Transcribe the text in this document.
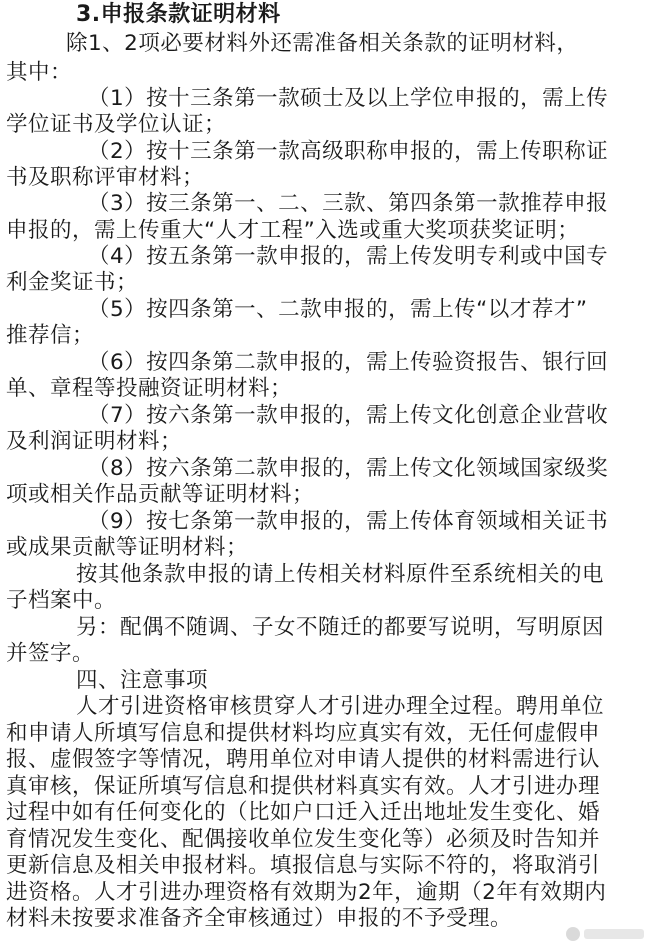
3.申报条款证明材料
除1、2项必要材料外还需准备相关条款的证明材料，
其中：
（1）按十三条第一款硕士及以上学位申报的，需上传
学位证书及学位认证；
（2）按十三条第一款高级职称申报的，需上传职称证
书及职称评审材料；
（3）按三条第一、二、三款、第四条第一款推荐申报
申报的，需上传重大“人才工程”入选或重大奖项获奖证明；
（4）按五条第一款申报的，需上传发明专利或中国专
利金奖证书；
（5）按四条第一、二款申报的，需上传“以才荐才”
推荐信；
（6）按四条第二款申报的，需上传验资报告、银行回
单、章程等投融资证明材料；
（7）按六条第一款申报的，需上传文化创意企业营收
及利润证明材料；
（8）按六条第二款申报的，需上传文化领域国家级奖
项或相关作品贡献等证明材料；
（9）按七条第一款申报的，需上传体育领域相关证书
或成果贡献等证明材料；
按其他条款申报的请上传相关材料原件至系统相关的电
子档案中。
另：配偶不随调、子女不随迁的都要写说明，写明原因
并签字。
四、注意事项
人才引进资格审核贯穿人才引进办理全过程。聘用单位
和申请人所填写信息和提供材料均应真实有效，无任何虚假申
报、虚假签字等情况，聘用单位对申请人提供的材料需进行认
真审核，保证所填写信息和提供材料真实有效。人才引进办理
过程中如有任何变化的（比如户口迁入迁出地址发生变化、婚
育情况发生变化、配偶接收单位发生变化等）必须及时告知并
更新信息及相关申报材料。填报信息与实际不符的，将取消引
进资格。人才引进办理资格有效期为2年，逾期（2年有效期内
材料未按要求准备齐全审核通过）申报的不予受理。
